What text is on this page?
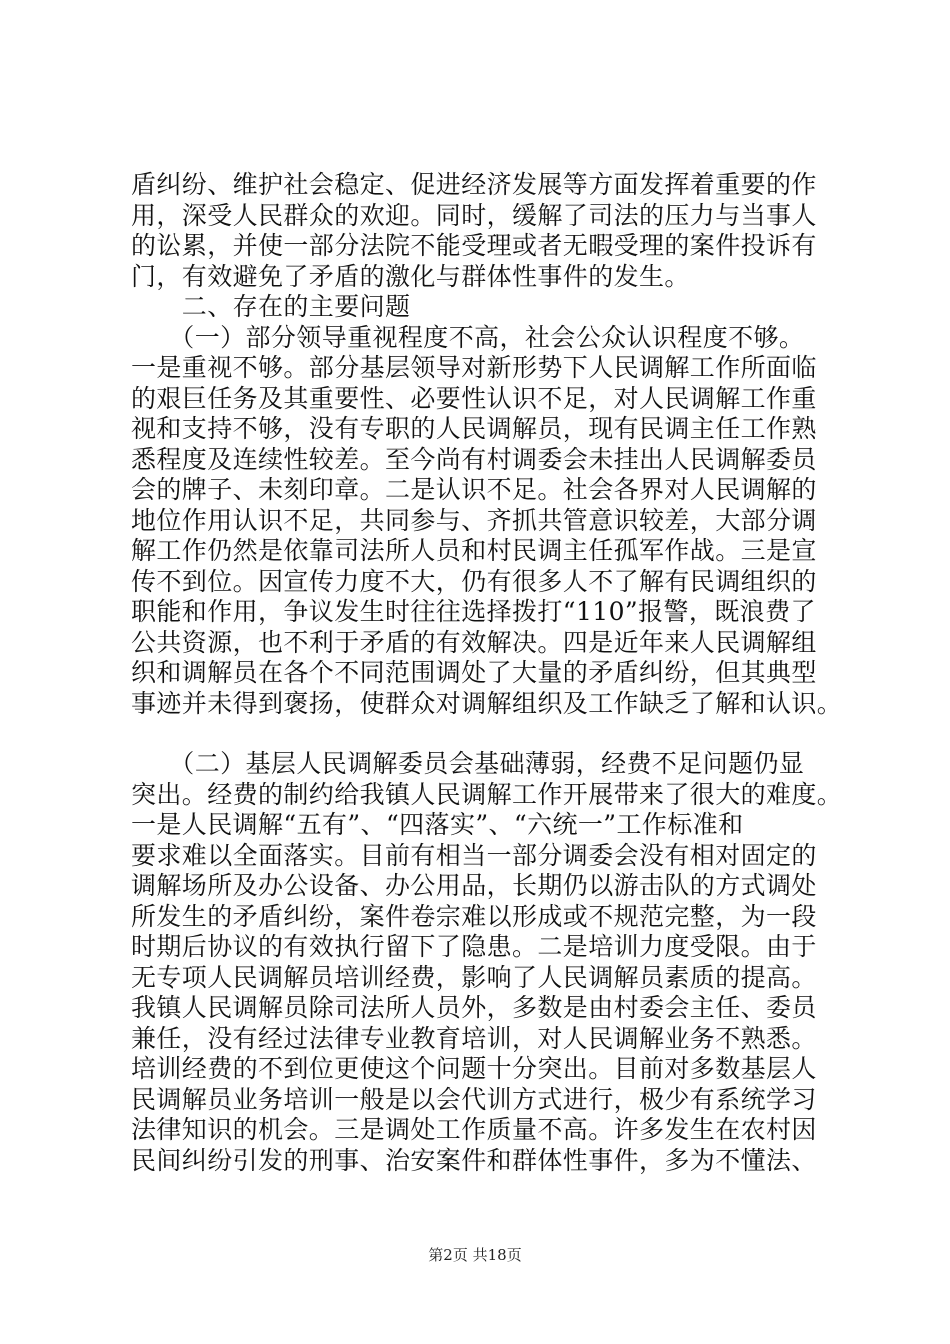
盾纠纷、维护社会稳定、促进经济发展等方面发挥着重要的作
用，深受人民群众的欢迎。同时，缓解了司法的压力与当事人
的讼累，并使一部分法院不能受理或者无暇受理的案件投诉有
门，有效避免了矛盾的激化与群体性事件的发生。
　　二、存在的主要问题
　　（一）部分领导重视程度不高，社会公众认识程度不够。
一是重视不够。部分基层领导对新形势下人民调解工作所面临
的艰巨任务及其重要性、必要性认识不足，对人民调解工作重
视和支持不够，没有专职的人民调解员，现有民调主任工作熟
悉程度及连续性较差。至今尚有村调委会未挂出人民调解委员
会的牌子、未刻印章。二是认识不足。社会各界对人民调解的
地位作用认识不足，共同参与、齐抓共管意识较差，大部分调
解工作仍然是依靠司法所人员和村民调主任孤军作战。三是宣
传不到位。因宣传力度不大，仍有很多人不了解有民调组织的
职能和作用，争议发生时往往选择拨打“110”报警，既浪费了
公共资源，也不利于矛盾的有效解决。四是近年来人民调解组
织和调解员在各个不同范围调处了大量的矛盾纠纷，但其典型
事迹并未得到褒扬，使群众对调解组织及工作缺乏了解和认识。
　　（二）基层人民调解委员会基础薄弱，经费不足问题仍显
突出。经费的制约给我镇人民调解工作开展带来了很大的难度。
一是人民调解“五有”、“四落实”、“六统一”工作标准和
要求难以全面落实。目前有相当一部分调委会没有相对固定的
调解场所及办公设备、办公用品，长期仍以游击队的方式调处
所发生的矛盾纠纷，案件卷宗难以形成或不规范完整，为一段
时期后协议的有效执行留下了隐患。二是培训力度受限。由于
无专项人民调解员培训经费，影响了人民调解员素质的提高。
我镇人民调解员除司法所人员外，多数是由村委会主任、委员
兼任，没有经过法律专业教育培训，对人民调解业务不熟悉。
培训经费的不到位更使这个问题十分突出。目前对多数基层人
民调解员业务培训一般是以会代训方式进行，极少有系统学习
法律知识的机会。三是调处工作质量不高。许多发生在农村因
民间纠纷引发的刑事、治安案件和群体性事件，多为不懂法、
第2页 共18页
